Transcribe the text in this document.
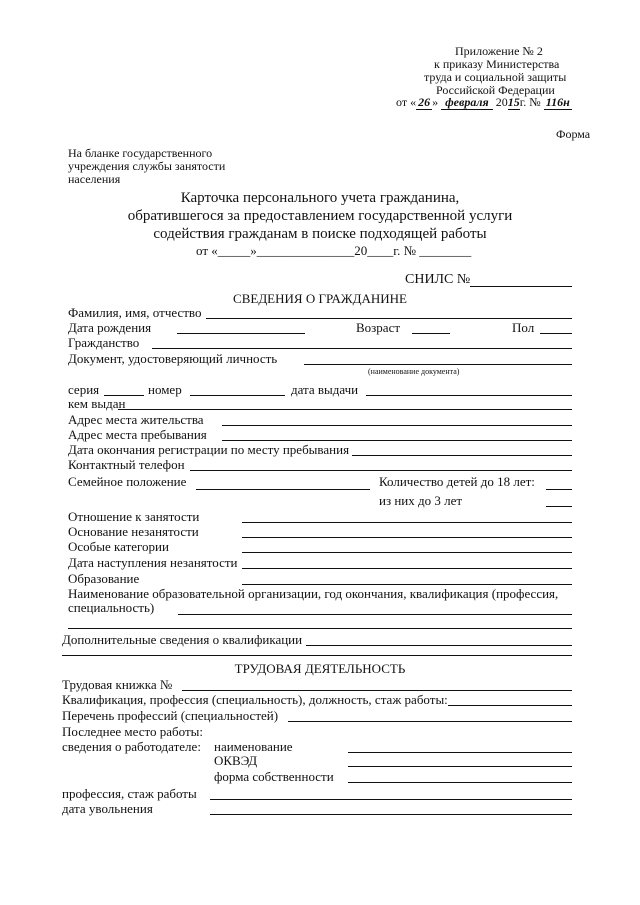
Приложение № 2
к приказу Министерства
труда и социальной защиты
Российской Федерации
от « 26 » февраля 2015г. № 116н
Форма
На бланке государственного
учреждения службы занятости
населения
Карточка персонального учета гражданина,
обратившегося за предоставлением государственной услуги
содействия гражданам в поиске подходящей работы
от «_____»_______________20____г. № ________
СНИЛС №
СВЕДЕНИЯ О ГРАЖДАНИНЕ
Фамилия, имя, отчество
Дата рождения	Возраст	Пол
Гражданство
Документ, удостоверяющий личность
(наименование документа)
серия	номер	дата выдачи
кем выдан
Адрес места жительства
Адрес места пребывания
Дата окончания регистрации по месту пребывания
Контактный телефон
Семейное положение	Количество детей до 18 лет:
из них до 3 лет
Отношение к занятости
Основание незанятости
Особые категории
Дата наступления незанятости
Образование
Наименование образовательной организации, год окончания, квалификация (профессия,
специальность)
Дополнительные сведения о квалификации
ТРУДОВАЯ ДЕЯТЕЛЬНОСТЬ
Трудовая книжка №
Квалификация, профессия (специальность), должность, стаж работы:
Перечень профессий (специальностей)
Последнее место работы:
сведения о работодателе: наименование
ОКВЭД
форма собственности
профессия, стаж работы
дата увольнения
